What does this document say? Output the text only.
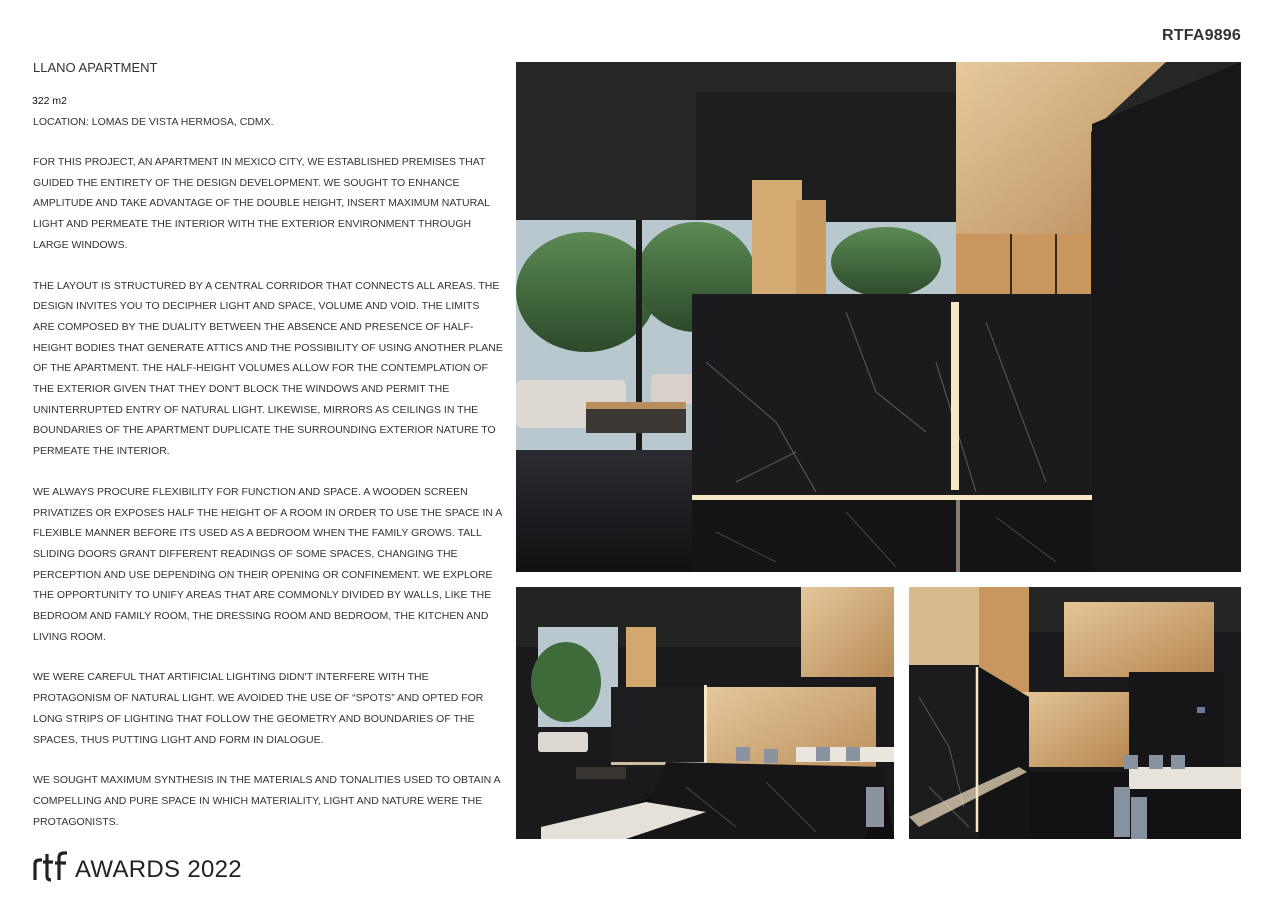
RTFA9896
LLANO APARTMENT
322 m2
LOCATION: LOMAS DE VISTA HERMOSA, CDMX.

FOR THIS PROJECT, AN APARTMENT IN MEXICO CITY, WE ESTABLISHED PREMISES THAT GUIDED THE ENTIRETY OF THE DESIGN DEVELOPMENT. WE SOUGHT TO ENHANCE AMPLITUDE AND TAKE ADVANTAGE OF THE DOUBLE HEIGHT, INSERT MAXIMUM NATURAL LIGHT AND PERMEATE THE INTERIOR WITH THE EXTERIOR ENVIRONMENT THROUGH LARGE WINDOWS.

THE LAYOUT IS STRUCTURED BY A CENTRAL CORRIDOR THAT CONNECTS ALL AREAS. THE DESIGN INVITES YOU TO DECIPHER LIGHT AND SPACE, VOLUME AND VOID. THE LIMITS ARE COMPOSED BY THE DUALITY BETWEEN THE ABSENCE AND PRESENCE OF HALF-HEIGHT BODIES THAT GENERATE ATTICS AND THE POSSIBILITY OF USING ANOTHER PLANE OF THE APARTMENT. THE HALF-HEIGHT VOLUMES ALLOW FOR THE CONTEMPLATION OF THE EXTERIOR GIVEN THAT THEY DON'T BLOCK THE WINDOWS AND PERMIT THE UNINTERRUPTED ENTRY OF NATURAL LIGHT. LIKEWISE, MIRRORS AS CEILINGS IN THE BOUNDARIES OF THE APARTMENT DUPLICATE THE SURROUNDING EXTERIOR NATURE TO PERMEATE THE INTERIOR.

WE ALWAYS PROCURE FLEXIBILITY FOR FUNCTION AND SPACE. A WOODEN SCREEN PRIVATIZES OR EXPOSES HALF THE HEIGHT OF A ROOM IN ORDER TO USE THE SPACE IN A FLEXIBLE MANNER BEFORE ITS USED AS A BEDROOM WHEN THE FAMILY GROWS. TALL SLIDING DOORS GRANT DIFFERENT READINGS OF SOME SPACES, CHANGING THE PERCEPTION AND USE DEPENDING ON THEIR OPENING OR CONFINEMENT. WE EXPLORE THE OPPORTUNITY TO UNIFY AREAS THAT ARE COMMONLY DIVIDED BY WALLS, LIKE THE BEDROOM AND FAMILY ROOM, THE DRESSING ROOM AND BEDROOM, THE KITCHEN AND LIVING ROOM.

WE WERE CAREFUL THAT ARTIFICIAL LIGHTING DIDN'T INTERFERE WITH THE PROTAGONISM OF NATURAL LIGHT. WE AVOIDED THE USE OF “SPOTS” AND OPTED FOR LONG STRIPS OF LIGHTING THAT FOLLOW THE GEOMETRY AND BOUNDARIES OF THE SPACES, THUS PUTTING LIGHT AND FORM IN DIALOGUE.

WE SOUGHT MAXIMUM SYNTHESIS IN THE MATERIALS AND TONALITIES USED TO OBTAIN A COMPELLING AND PURE SPACE IN WHICH MATERIALITY, LIGHT AND NATURE WERE THE PROTAGONISTS.

AWARDS 2022
